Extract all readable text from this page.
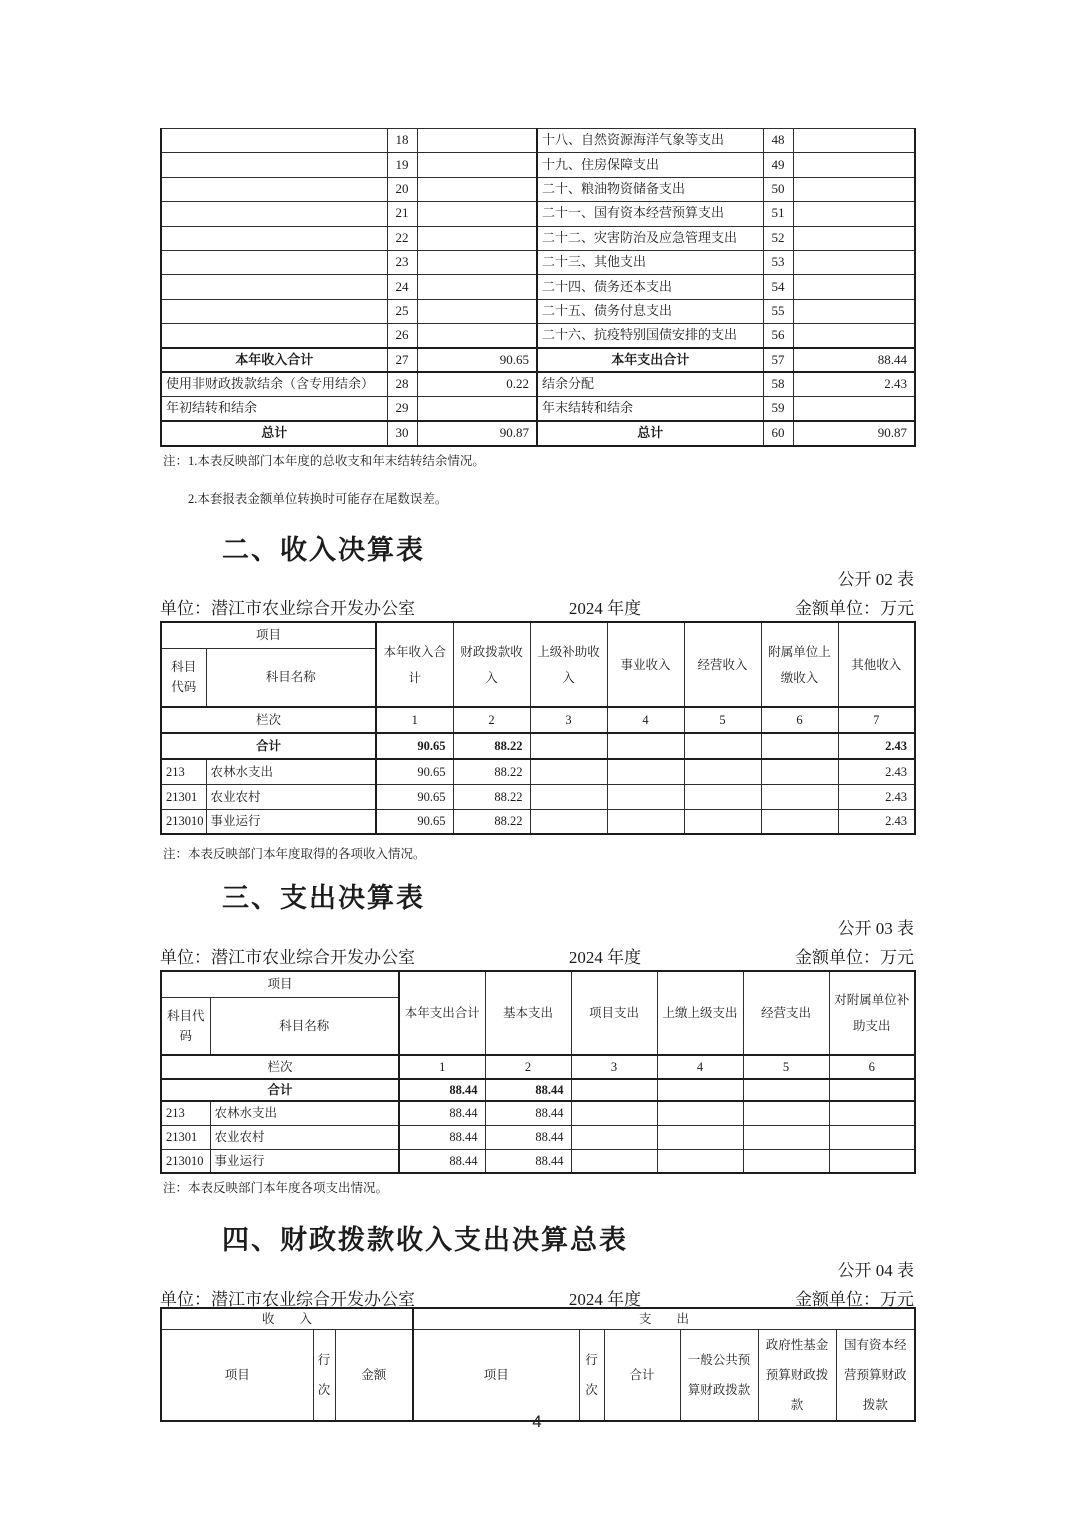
	18		十八、自然资源海洋气象等支出	48	
	19		十九、住房保障支出	49	
	20		二十、粮油物资储备支出	50	
	21		二十一、国有资本经营预算支出	51	
	22		二十二、灾害防治及应急管理支出	52	
	23		二十三、其他支出	53	
	24		二十四、债务还本支出	54	
	25		二十五、债务付息支出	55	
	26		二十六、抗疫特别国债安排的支出	56	
本年收入合计	27	90.65	本年支出合计	57	88.44
使用非财政拨款结余（含专用结余）	28	0.22	结余分配	58	2.43
年初结转和结余	29		年末结转和结余	59	
总计	30	90.87	总计	60	90.87
注：1.本表反映部门本年度的总收支和年末结转结余情况。
2.本套报表金额单位转换时可能存在尾数误差。
二、收入决算表
公开 02 表
单位：潜江市农业综合开发办公室	2024 年度	金额单位：万元
项目		本年收入合计	财政拨款收入	上级补助收入	事业收入	经营收入	附属单位上缴收入	其他收入
科目代码	科目名称							
栏次		1	2	3	4	5	6	7
合计		90.65	88.22					2.43
213	农林水支出	90.65	88.22					2.43
21301	农业农村	90.65	88.22					2.43
213010	事业运行	90.65	88.22					2.43
注：本表反映部门本年度取得的各项收入情况。
三、支出决算表
公开 03 表
单位：潜江市农业综合开发办公室	2024 年度	金额单位：万元
项目		本年支出合计	基本支出	项目支出	上缴上级支出	经营支出	对附属单位补助支出
科目代码	科目名称						
栏次		1	2	3	4	5	6
合计		88.44	88.44				
213	农林水支出	88.44	88.44				
21301	农业农村	88.44	88.44				
213010	事业运行	88.44	88.44				
注：本表反映部门本年度各项支出情况。
四、财政拨款收入支出决算总表
公开 04 表
单位：潜江市农业综合开发办公室	2024 年度	金额单位：万元
收　　入			支　　出					
项目	行次	金额	项目	行次	合计	一般公共预算财政拨款	政府性基金预算财政拨款	国有资本经营预算财政拨款
4
